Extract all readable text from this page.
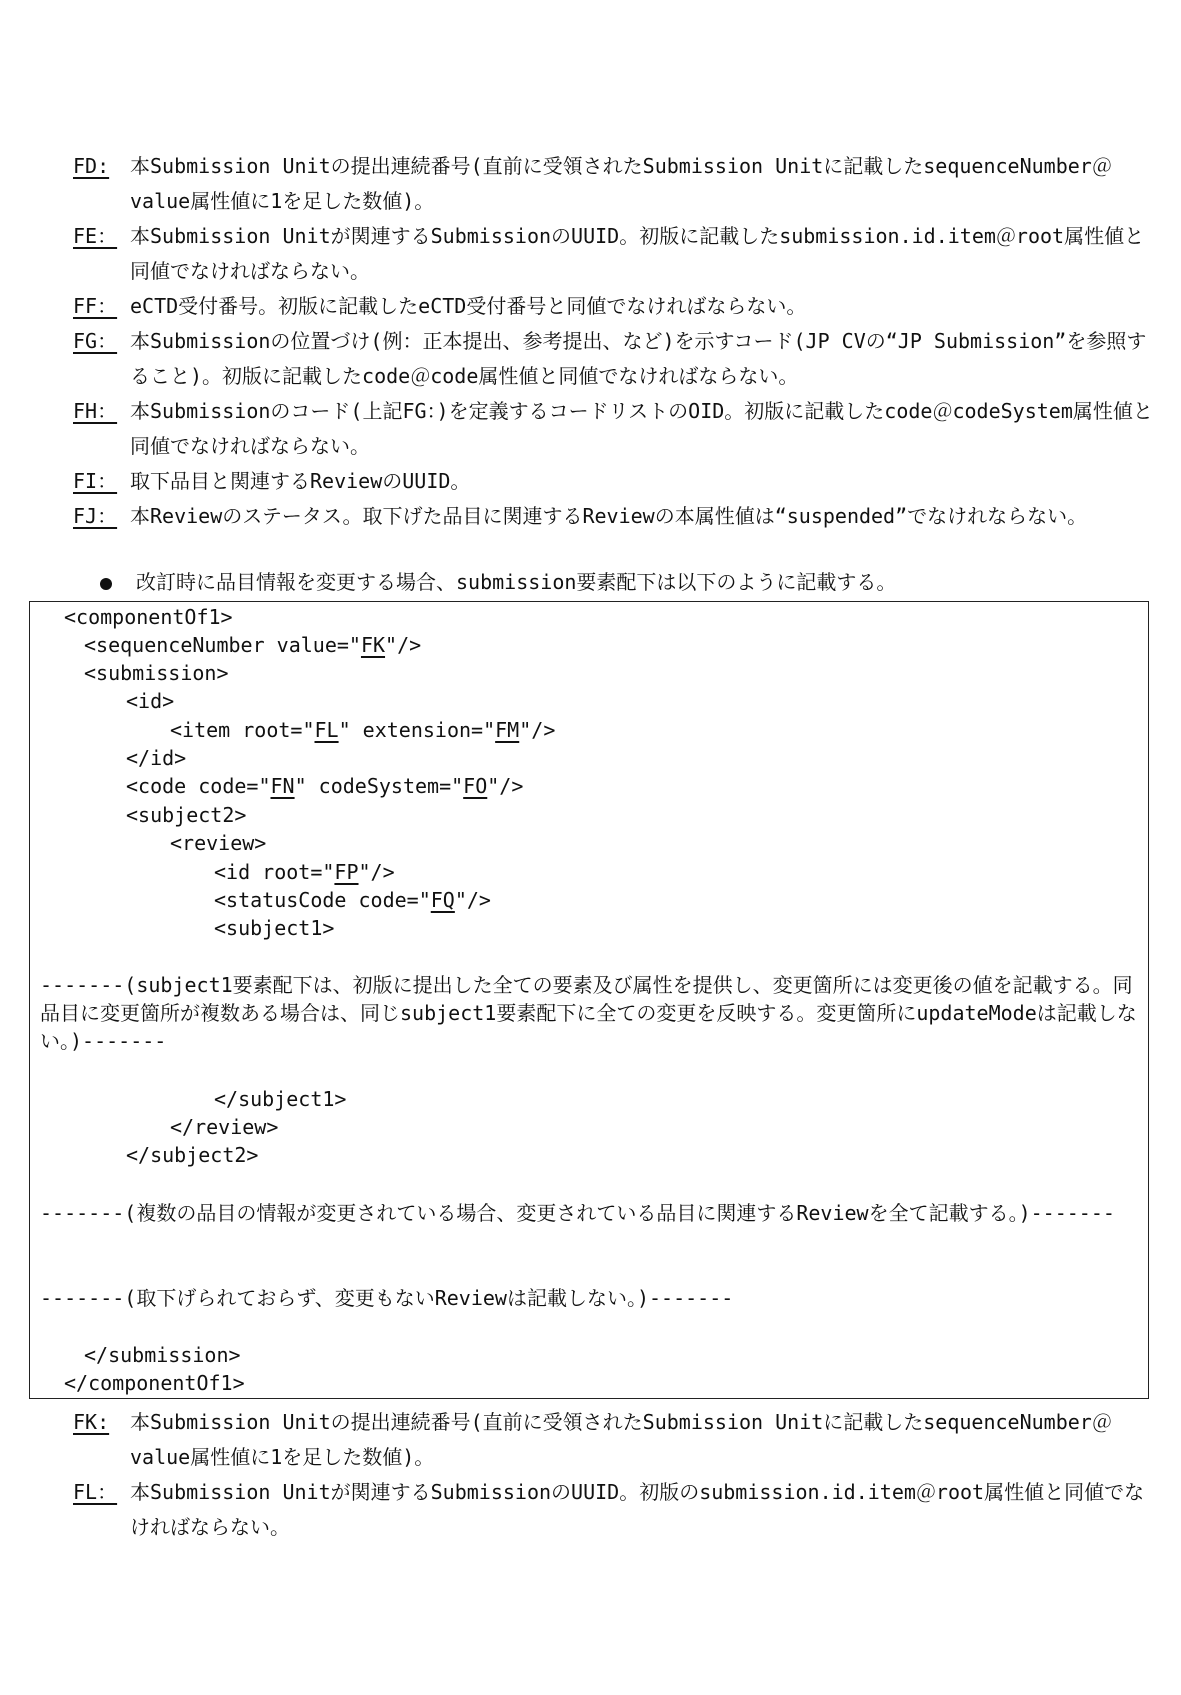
FD: 本Submission Unitの提出連続番号(直前に受領されたSubmission Unitに記載したsequenceNumber＠value属性値に1を足した数値)。

FE： 本Submission Unitが関連するSubmissionのUUID。初版に記載したsubmission.id.item＠root属性値と同値でなければならない。

FF： eCTD受付番号。初版に記載したeCTD受付番号と同値でなければならない。

FG： 本Submissionの位置づけ(例：正本提出、参考提出、など)を示すコード(JP CVの“JP Submission”を参照すること)。初版に記載したcode＠code属性値と同値でなければならない。

FH： 本Submissionのコード(上記FG：)を定義するコードリストのOID。初版に記載したcode＠codeSystem属性値と同値でなければならない。

FI： 取下品目と関連するReviewのUUID。

FJ： 本Reviewのステータス。取下げた品目に関連するReviewの本属性値は“suspended”でなけれならない。

改訂時に品目情報を変更する場合、submission要素配下は以下のように記載する。
<componentOf1>
<sequenceNumber value="FK"/>
<submission>
<id>
<item root="FL" extension="FM"/>
</id>
<code code="FN" codeSystem="FO"/>
<subject2>
<review>
<id root="FP"/>
<statusCode code="FQ"/>
<subject1>
-------(subject1要素配下は、初版に提出した全ての要素及び属性を提供し、変更箇所には変更後の値を記載する。同品目に変更箇所が複数ある場合は、同じsubject1要素配下に全ての変更を反映する。変更箇所にupdateModeは記載しない。)-------
</subject1>
</review>
</subject2>
-------(複数の品目の情報が変更されている場合、変更されている品目に関連するReviewを全て記載する。)-------
-------(取下げられておらず、変更もないReviewは記載しない。)-------
</submission>
</componentOf1>

FK: 本Submission Unitの提出連続番号(直前に受領されたSubmission Unitに記載したsequenceNumber＠value属性値に1を足した数値)。

FL： 本Submission Unitが関連するSubmissionのUUID。初版のsubmission.id.item＠root属性値と同値でなければならない。
